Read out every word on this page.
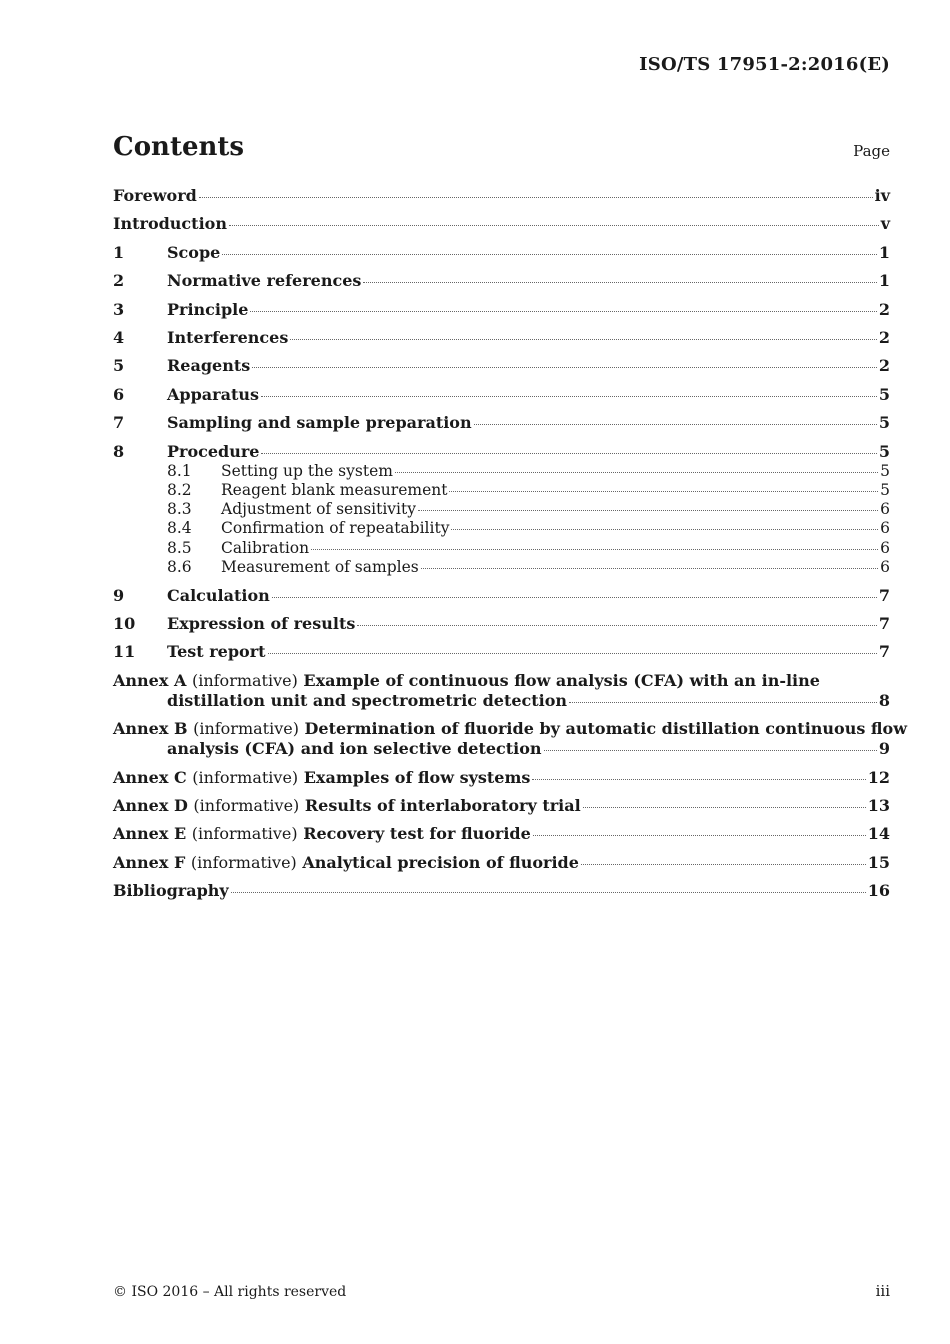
ISO/TS 17951-2:2016(E)
Contents	Page
Foreword	iv
Introduction	v
1	Scope	1
2	Normative references	1
3	Principle	2
4	Interferences	2
5	Reagents	2
6	Apparatus	5
7	Sampling and sample preparation	5
8	Procedure	5
8.1	Setting up the system	5
8.2	Reagent blank measurement	5
8.3	Adjustment of sensitivity	6
8.4	Confirmation of repeatability	6
8.5	Calibration	6
8.6	Measurement of samples	6
9	Calculation	7
10	Expression of results	7
11	Test report	7
Annex A (informative) Example of continuous flow analysis (CFA) with an in-line
distillation unit and spectrometric detection	8
Annex B (informative) Determination of fluoride by automatic distillation continuous flow
analysis (CFA) and ion selective detection	9
Annex C (informative) Examples of flow systems	12
Annex D (informative) Results of interlaboratory trial	13
Annex E (informative) Recovery test for fluoride	14
Annex F (informative) Analytical precision of fluoride	15
Bibliography	16
© ISO 2016 – All rights reserved	iii
